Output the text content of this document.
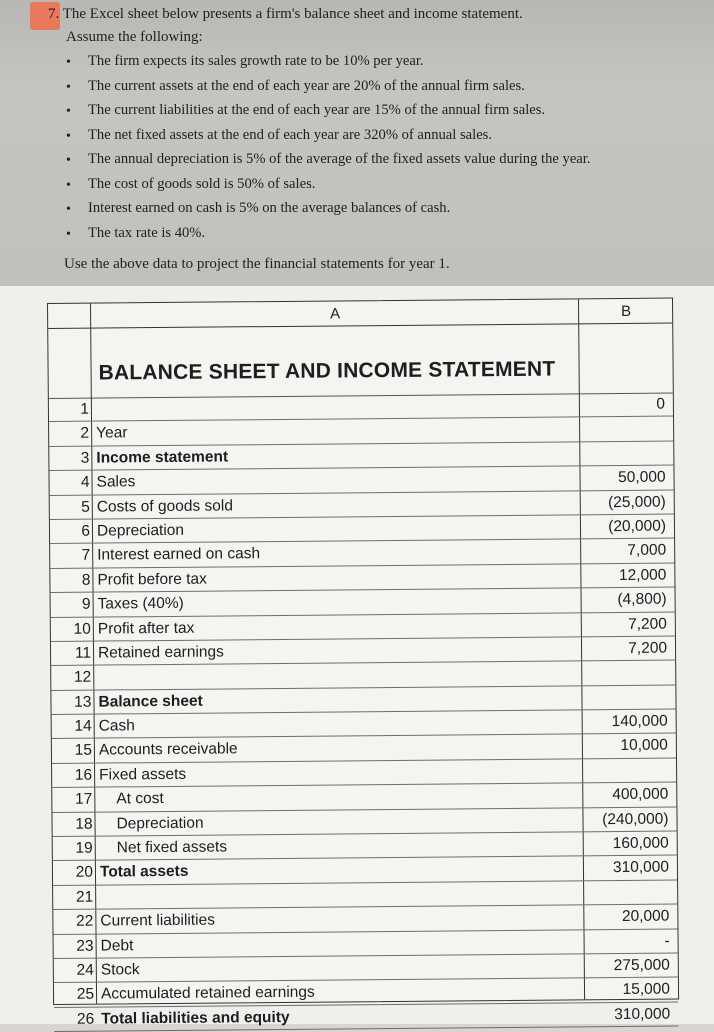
7. The Excel sheet below presents a firm's balance sheet and income statement.
Assume the following:
• The firm expects its sales growth rate to be 10% per year.
• The current assets at the end of each year are 20% of the annual firm sales.
• The current liabilities at the end of each year are 15% of the annual firm sales.
• The net fixed assets at the end of each year are 320% of annual sales.
• The annual depreciation is 5% of the average of the fixed assets value during the year.
• The cost of goods sold is 50% of sales.
• Interest earned on cash is 5% on the average balances of cash.
• The tax rate is 40%.
Use the above data to project the financial statements for year 1.
A	B
BALANCE SHEET AND INCOME STATEMENT
1	0
2 Year
3 Income statement
4 Sales	50,000
5 Costs of goods sold	(25,000)
6 Depreciation	(20,000)
7 Interest earned on cash	7,000
8 Profit before tax	12,000
9 Taxes (40%)	(4,800)
10 Profit after tax	7,200
11 Retained earnings	7,200
12
13 Balance sheet
14 Cash	140,000
15 Accounts receivable	10,000
16 Fixed assets
17 At cost	400,000
18 Depreciation	(240,000)
19 Net fixed assets	160,000
20 Total assets	310,000
21
22 Current liabilities	20,000
23 Debt	-
24 Stock	275,000
25 Accumulated retained earnings	15,000
26 Total liabilities and equity	310,000
